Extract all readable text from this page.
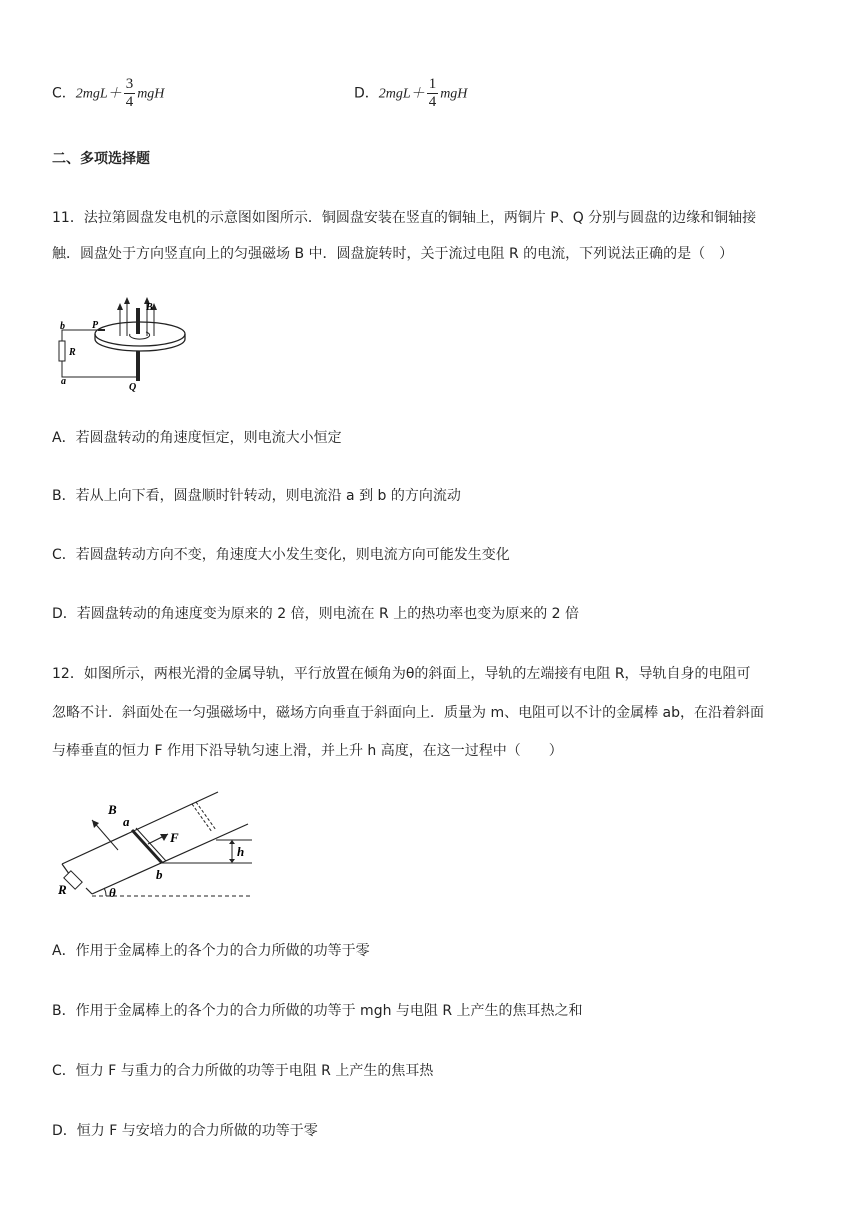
C．$2mgL+ \frac{3}{4}$ mgH	D．$2mgL+ \frac{1}{4}$ mgH
二、多项选择题
11．法拉第圆盘发电机的示意图如图所示．铜圆盘安装在竖直的铜轴上，两铜片 P、Q 分别与圆盘的边缘和铜轴接
触．圆盘处于方向竖直向上的匀强磁场 B 中．圆盘旋转时，关于流过电阻 R 的电流，下列说法正确的是（　）
b	P
B
R
a
Q
A．若圆盘转动的角速度恒定，则电流大小恒定
B．若从上向下看，圆盘顺时针转动，则电流沿 a 到 b 的方向流动
C．若圆盘转动方向不变，角速度大小发生变化，则电流方向可能发生变化
D．若圆盘转动的角速度变为原来的 2 倍，则电流在 R 上的热功率也变为原来的 2 倍
12．如图所示，两根光滑的金属导轨，平行放置在倾角为θ的斜面上，导轨的左端接有电阻 R，导轨自身的电阻可
忽略不计．斜面处在一匀强磁场中，磁场方向垂直于斜面向上．质量为 m、电阻可以不计的金属棒 ab，在沿着斜面
与棒垂直的恒力 F 作用下沿导轨匀速上滑，并上升 h 高度，在这一过程中（　　）
B
a
F
h
b
R	θ
A．作用于金属棒上的各个力的合力所做的功等于零
B．作用于金属棒上的各个力的合力所做的功等于 mgh 与电阻 R 上产生的焦耳热之和
C．恒力 F 与重力的合力所做的功等于电阻 R 上产生的焦耳热
D．恒力 F 与安培力的合力所做的功等于零
